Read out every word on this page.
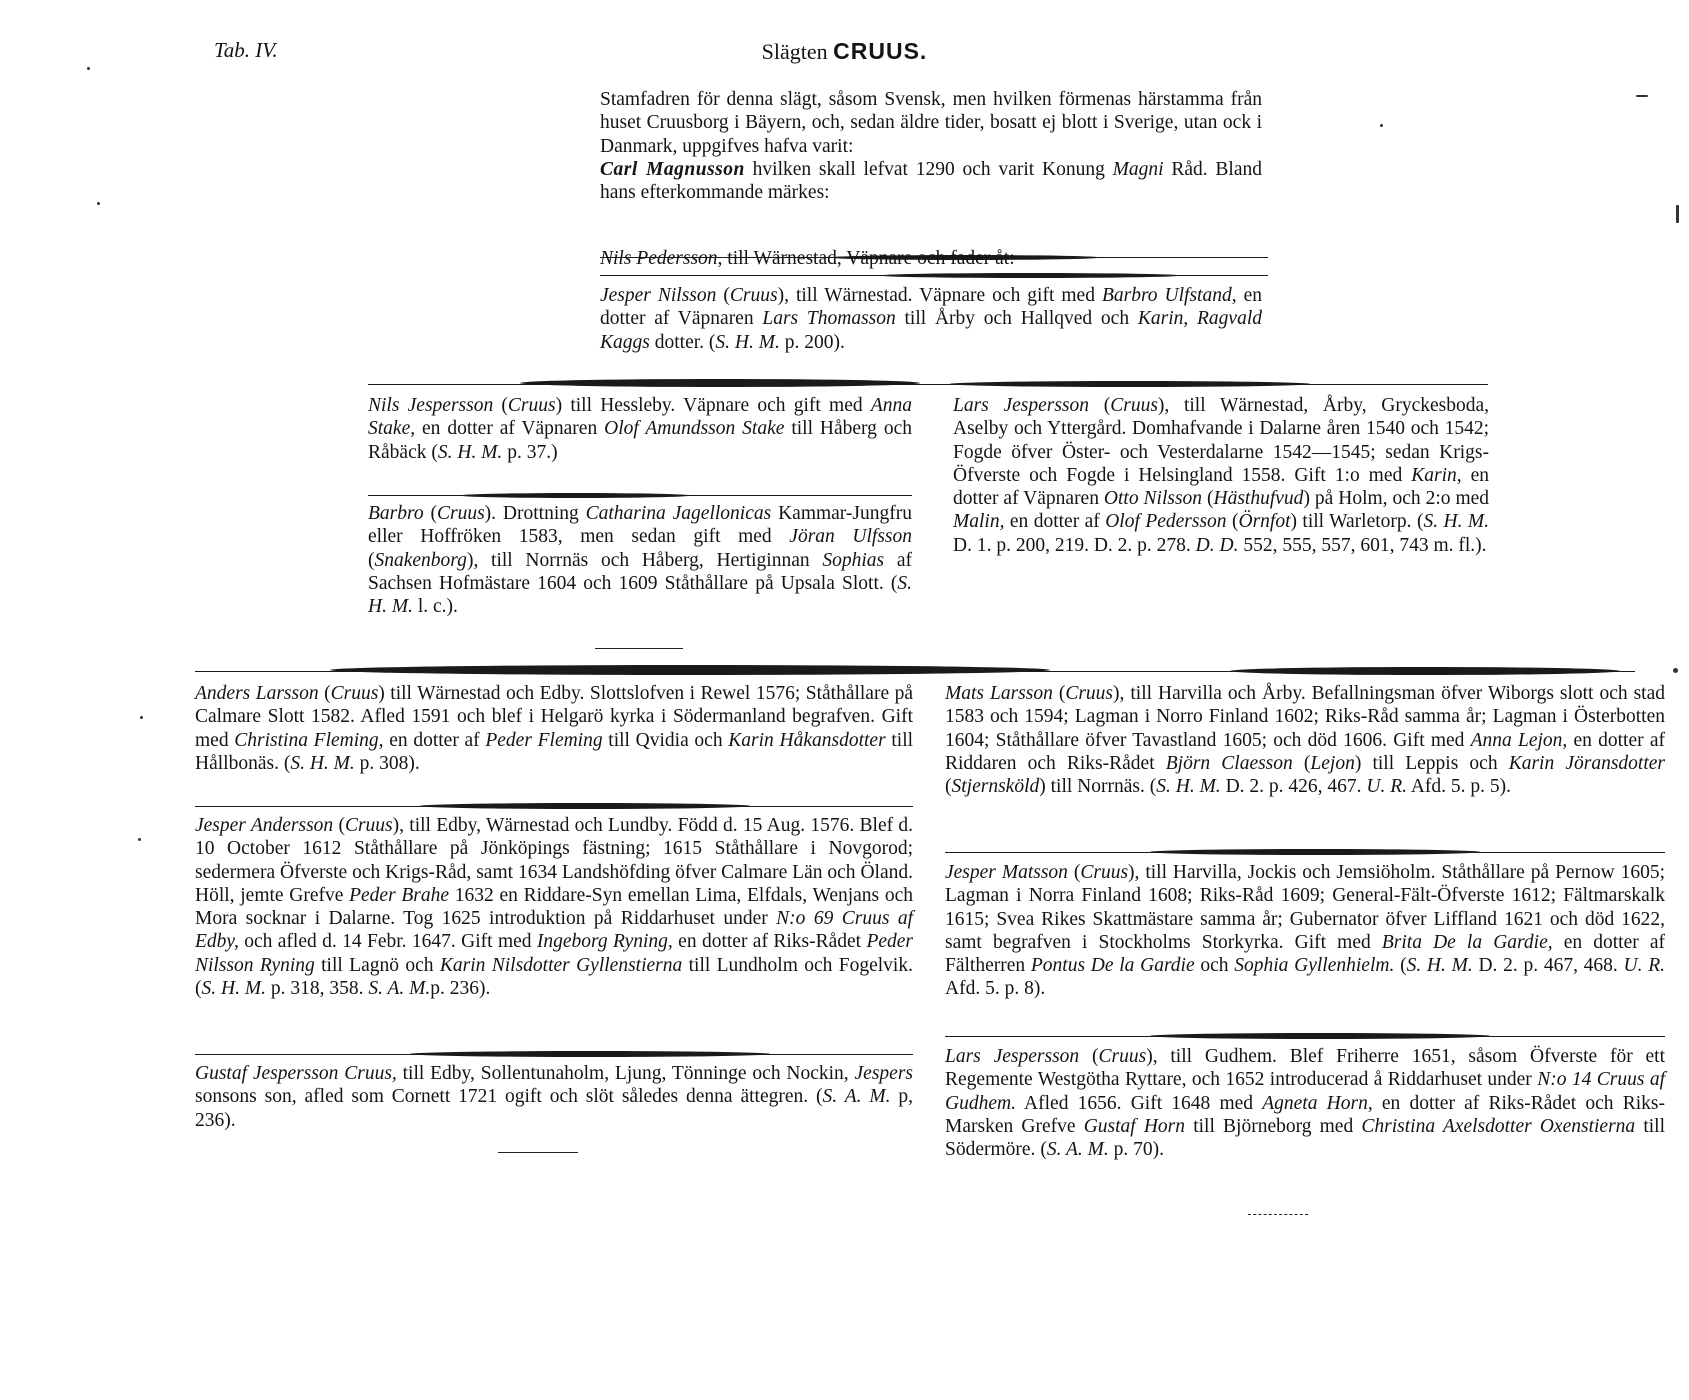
Tab. IV.	Slägten CRUUS.

Stamfadren för denna slägt, såsom Svensk, men hvilken förmenas härstamma från huset Cruusborg i Bäyern, och, sedan äldre tider, bosatt ej blott i Sverige, utan ock i Danmark, uppgifves hafva varit:

Carl Magnusson hvilken skall lefvat 1290 och varit Konung Magni Råd. Bland hans efterkommande märkes:

Nils Pedersson, till Wärnestad, Väpnare och fader åt:

Jesper Nilsson (Cruus), till Wärnestad. Väpnare och gift med Barbro Ulfstand, en dotter af Väpnaren Lars Thomasson till Årby och Hallqved och Karin, Ragvald Kaggs dotter. (S. H. M. p. 200).

Nils Jespersson (Cruus) till Hessleby. Väpnare och gift med Anna Stake, en dotter af Väpnaren Olof Amundsson Stake till Håberg och Råbäck (S. H. M. p. 37.)

Barbro (Cruus). Drottning Catharina Jagellonicas Kammar-Jungfru eller Hoffröken 1583, men sedan gift med Jöran Ulfsson (Snakenborg), till Norrnäs och Håberg, Hertiginnan Sophias af Sachsen Hofmästare 1604 och 1609 Ståthållare på Upsala Slott. (S. H. M. l. c.).

Lars Jespersson (Cruus), till Wärnestad, Årby, Gryckesboda, Aselby och Yttergård. Domhafvande i Dalarne åren 1540 och 1542; Fogde öfver Öster- och Vesterdalarne 1542—1545; sedan Krigs-Öfverste och Fogde i Helsingland 1558. Gift 1:o med Karin, en dotter af Väpnaren Otto Nilsson (Hästhufvud) på Holm, och 2:o med Malin, en dotter af Olof Pedersson (Örnfot) till Warletorp. (S. H. M. D. 1. p. 200, 219. D. 2. p. 278. D. D. 552, 555, 557, 601, 743 m. fl.).

Anders Larsson (Cruus) till Wärnestad och Edby. Slottslofven i Rewel 1576; Ståthållare på Calmare Slott 1582. Afled 1591 och blef i Helgarö kyrka i Södermanland begrafven. Gift med Christina Fleming, en dotter af Peder Fleming till Qvidia och Karin Håkansdotter till Hållbonäs. (S. H. M. p. 308).

Jesper Andersson (Cruus), till Edby, Wärnestad och Lundby. Född d. 15 Aug. 1576. Blef d. 10 October 1612 Ståthållare på Jönköpings fästning; 1615 Ståthållare i Novgorod; sedermera Öfverste och Krigs-Råd, samt 1634 Landshöfding öfver Calmare Län och Öland. Höll, jemte Grefve Peder Brahe 1632 en Riddare-Syn emellan Lima, Elfdals, Wenjans och Mora socknar i Dalarne. Tog 1625 introduktion på Riddarhuset under N:o 69 Cruus af Edby, och afled d. 14 Febr. 1647. Gift med Ingeborg Ryning, en dotter af Riks-Rådet Peder Nilsson Ryning till Lagnö och Karin Nilsdotter Gyllenstierna till Lundholm och Fogelvik. (S. H. M. p. 318, 358. S. A. M.p. 236).

Gustaf Jespersson Cruus, till Edby, Sollentunaholm, Ljung, Tönninge och Nockin, Jespers sonsons son, afled som Cornett 1721 ogift och slöt således denna ättegren. (S. A. M. p, 236).

Mats Larsson (Cruus), till Harvilla och Årby. Befallningsman öfver Wiborgs slott och stad 1583 och 1594; Lagman i Norro Finland 1602; Riks-Råd samma år; Lagman i Österbotten 1604; Ståthållare öfver Tavastland 1605; och död 1606. Gift med Anna Lejon, en dotter af Riddaren och Riks-Rådet Björn Claesson (Lejon) till Leppis och Karin Jöransdotter (Stjernsköld) till Norrnäs. (S. H. M. D. 2. p. 426, 467. U. R. Afd. 5. p. 5).

Jesper Matsson (Cruus), till Harvilla, Jockis och Jemsiöholm. Ståthållare på Pernow 1605; Lagman i Norra Finland 1608; Riks-Råd 1609; General-Fält-Öfverste 1612; Fältmarskalk 1615; Svea Rikes Skattmästare samma år; Gubernator öfver Liffland 1621 och död 1622, samt begrafven i Stockholms Storkyrka. Gift med Brita De la Gardie, en dotter af Fältherren Pontus De la Gardie och Sophia Gyllenhielm. (S. H. M. D. 2. p. 467, 468. U. R. Afd. 5. p. 8).

Lars Jespersson (Cruus), till Gudhem. Blef Friherre 1651, såsom Öfverste för ett Regemente Westgötha Ryttare, och 1652 introducerad å Riddarhuset under N:o 14 Cruus af Gudhem. Afled 1656. Gift 1648 med Agneta Horn, en dotter af Riks-Rådet och Riks-Marsken Grefve Gustaf Horn till Björneborg med Christina Axelsdotter Oxenstierna till Södermöre. (S. A. M. p. 70).
